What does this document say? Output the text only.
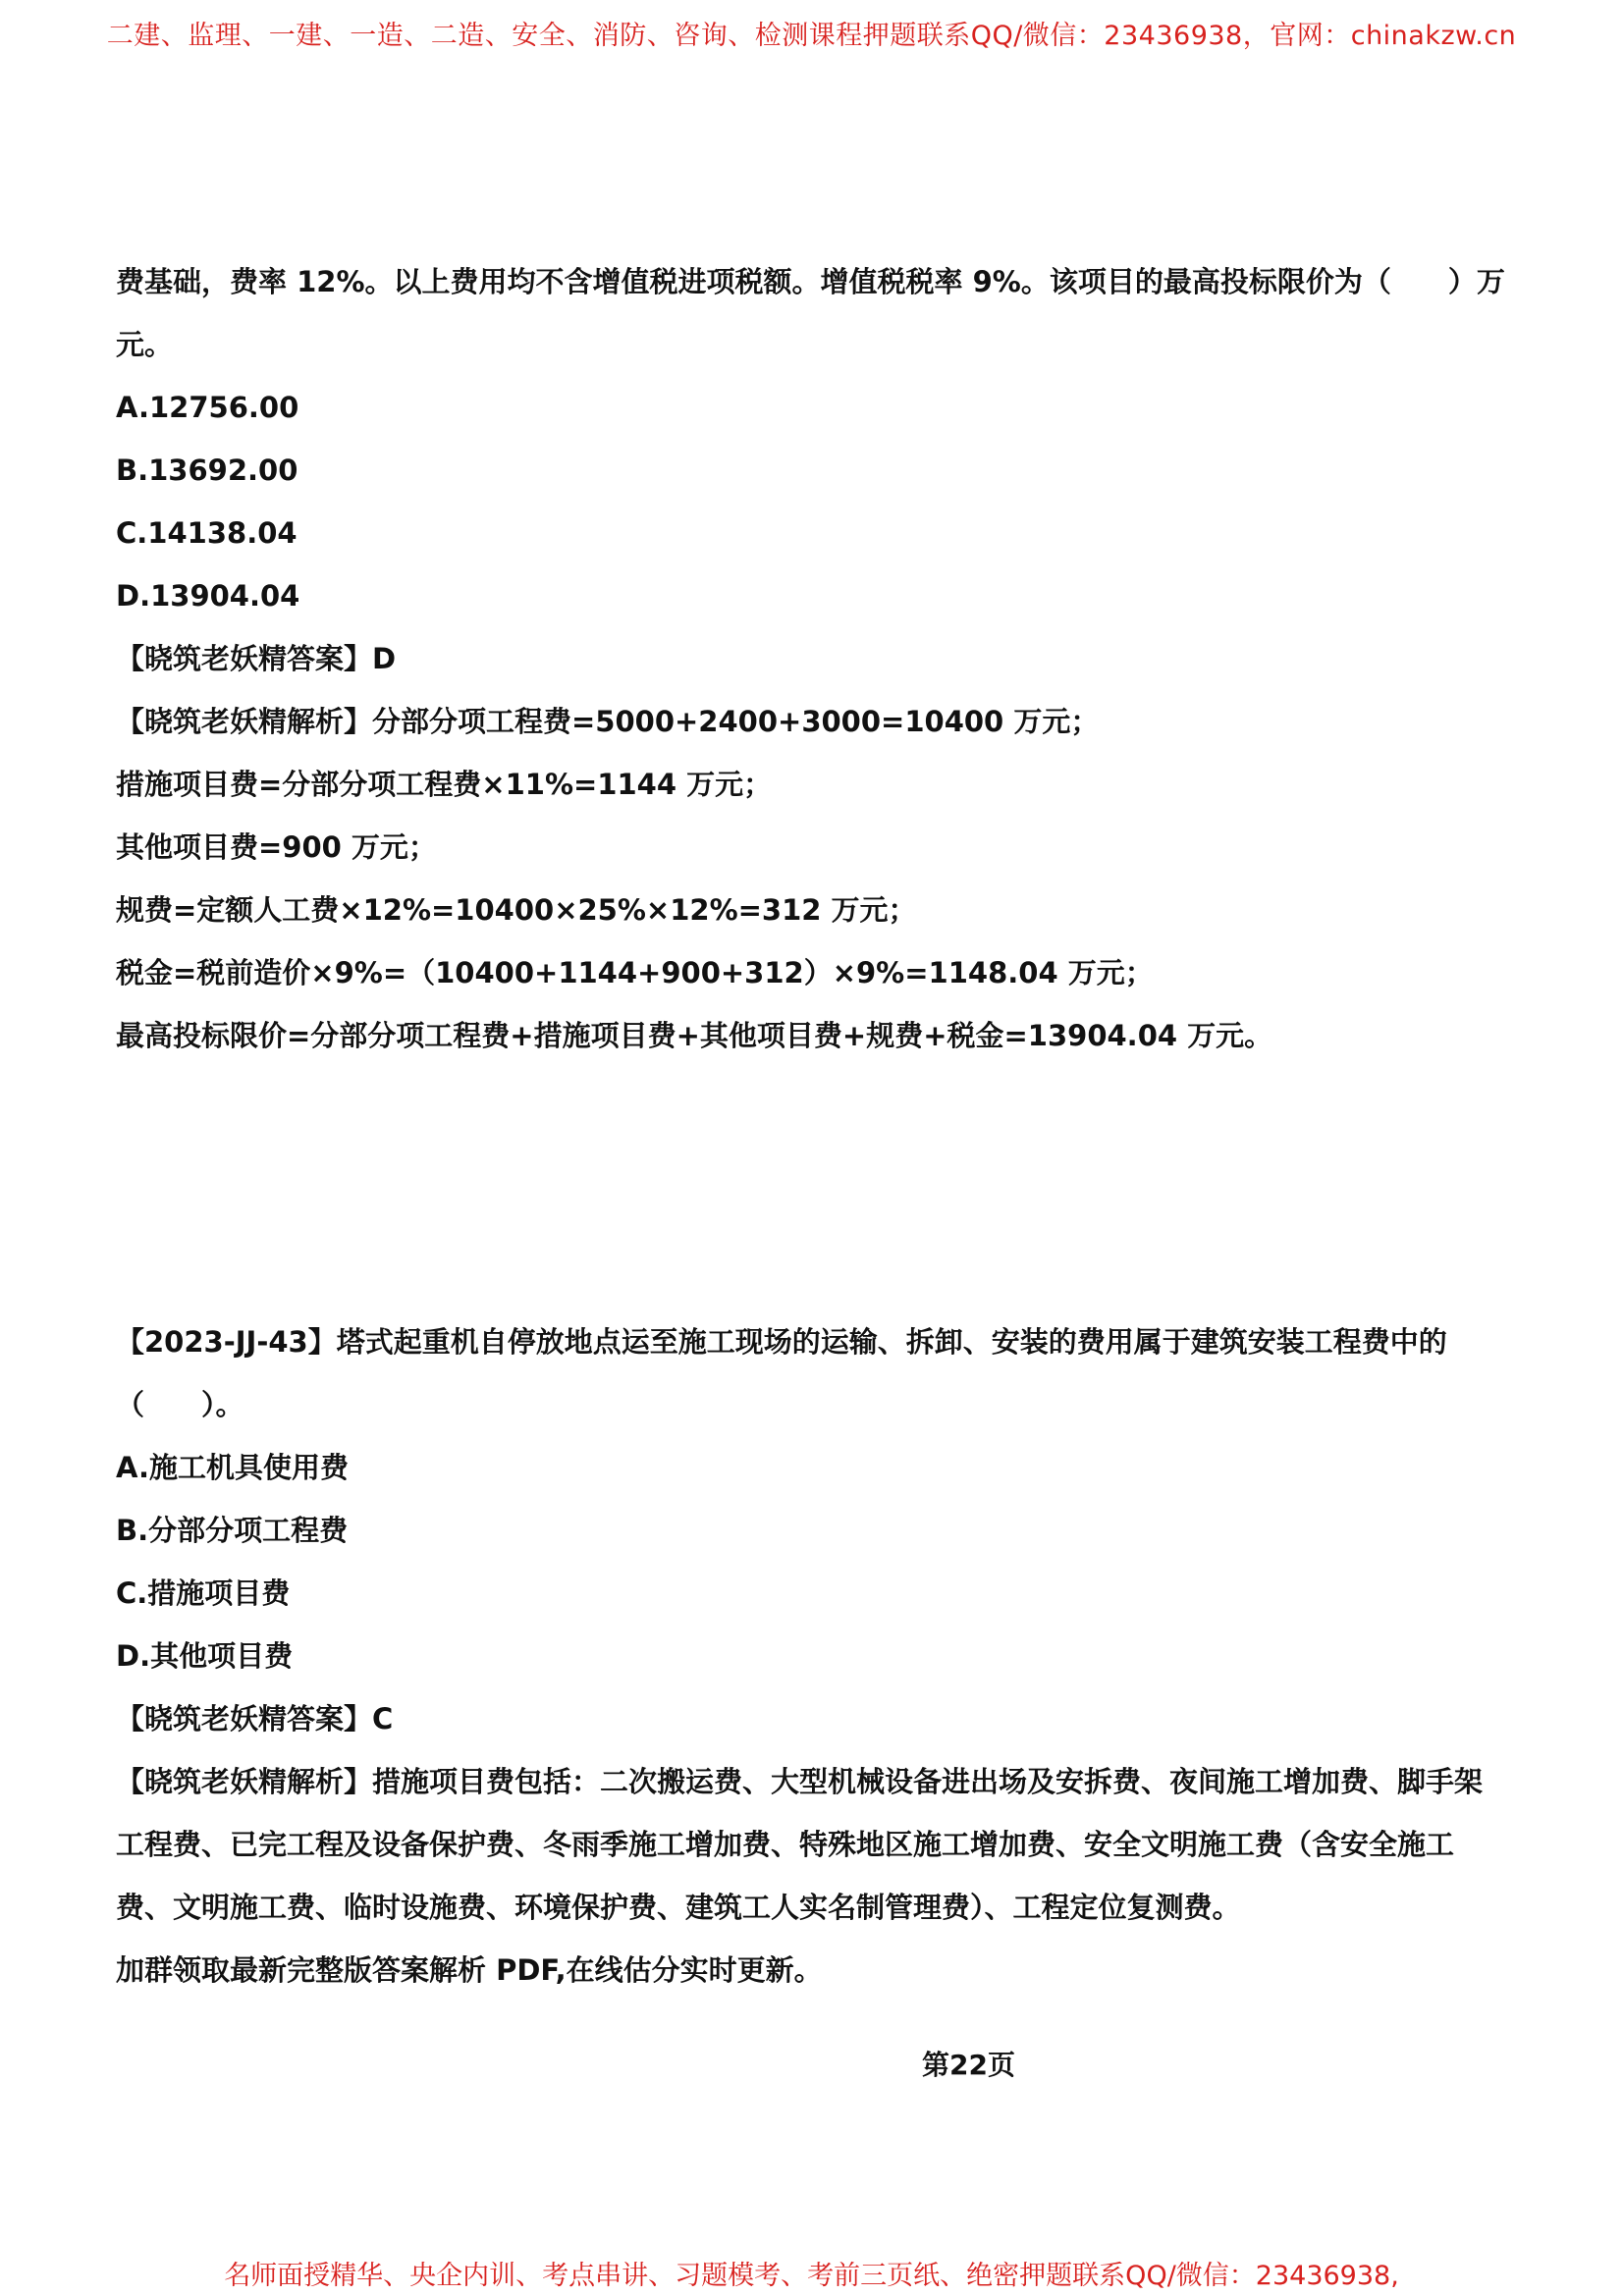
二建、监理、一建、一造、二造、安全、消防、咨询、检测课程押题联系QQ/微信：23436938，官网：chinakzw.cn
费基础，费率 12%。以上费用均不含增值税进项税额。增值税税率 9%。该项目的最高投标限价为（　　）万
元。
A.12756.00
B.13692.00
C.14138.04
D.13904.04
【晓筑老妖精答案】D
【晓筑老妖精解析】分部分项工程费=5000+2400+3000=10400 万元；
措施项目费=分部分项工程费×11%=1144 万元；
其他项目费=900 万元；
规费=定额人工费×12%=10400×25%×12%=312 万元；
税金=税前造价×9%=（10400+1144+900+312）×9%=1148.04 万元；
最高投标限价=分部分项工程费+措施项目费+其他项目费+规费+税金=13904.04 万元。
【2023-JJ-43】塔式起重机自停放地点运至施工现场的运输、拆卸、安装的费用属于建筑安装工程费中的
（　　）。
A.施工机具使用费
B.分部分项工程费
C.措施项目费
D.其他项目费
【晓筑老妖精答案】C
【晓筑老妖精解析】措施项目费包括：二次搬运费、大型机械设备进出场及安拆费、夜间施工增加费、脚手架
工程费、已完工程及设备保护费、冬雨季施工增加费、特殊地区施工增加费、安全文明施工费（含安全施工
费、文明施工费、临时设施费、环境保护费、建筑工人实名制管理费）、工程定位复测费。
加群领取最新完整版答案解析 PDF,在线估分实时更新。
第22页
名师面授精华、央企内训、考点串讲、习题模考、考前三页纸、绝密押题联系QQ/微信：23436938,
